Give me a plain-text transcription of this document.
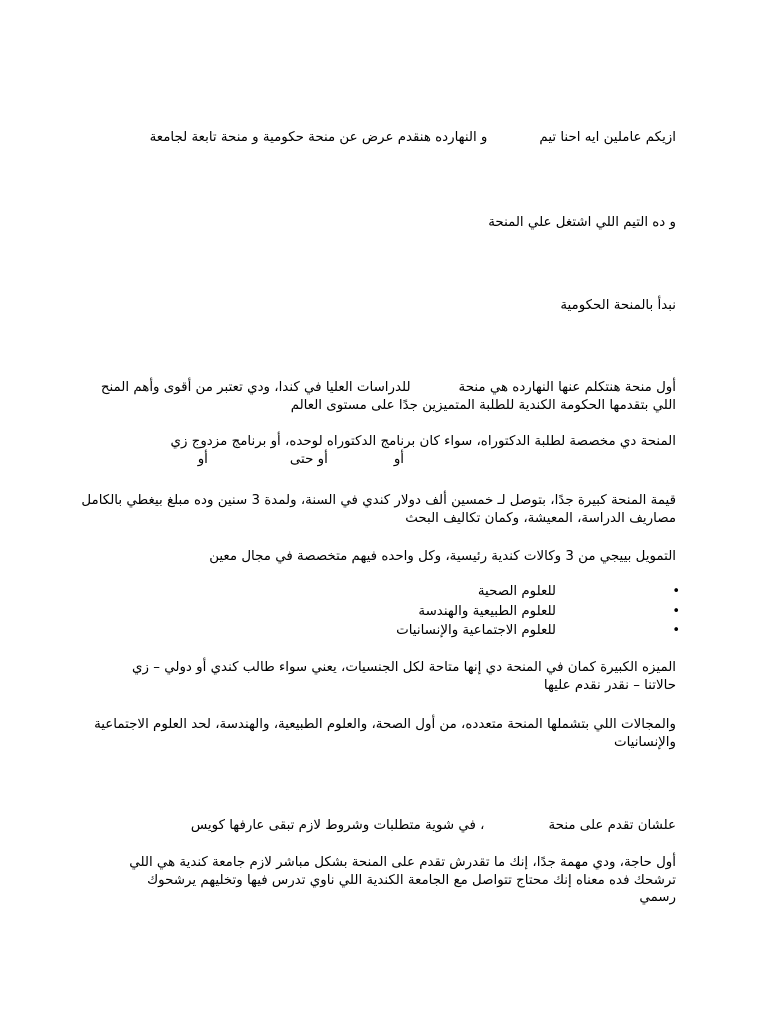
ازيكم عاملين ايه احنا تيمو النهارده هنقدم عرض عن منحة حكومية و منحة تابعة لجامعة
و ده التيم اللي اشتغل علي المنحة
نبدأ بالمنحة الحكومية
أول منحة هنتكلم عنها النهارده هي منحةللدراسات العليا في كندا، ودي تعتبر من أقوى وأهم المنح
اللي بتقدمها الحكومة الكندية للطلبة المتميزين جدًا على مستوى العالم
المنحة دي مخصصة لطلبة الدكتوراه، سواء كان برنامج الدكتوراه لوحده، أو برنامج مزدوج زي
أوأو حتىأو
قيمة المنحة كبيرة جدًا، بتوصل لـ خمسين ألف دولار كندي في السنة، ولمدة 3 سنين وده مبلغ بيغطي بالكامل
مصاريف الدراسة، المعيشة، وكمان تكاليف البحث
التمويل بييجي من 3 وكالات كندية رئيسية، وكل واحده فيهم متخصصة في مجال معين
•
للعلوم الصحية
•
للعلوم الطبيعية والهندسة
•
للعلوم الاجتماعية والإنسانيات
الميزه الكبيرة كمان في المنحة دي إنها متاحة لكل الجنسيات، يعني سواء طالب كندي أو دولي – زي
حالاتنا – نقدر نقدم عليها
والمجالات اللي بتشملها المنحة متعدده، من أول الصحة، والعلوم الطبيعية، والهندسة، لحد العلوم الاجتماعية
والإنسانيات
علشان تقدم على منحة، في شوية متطلبات وشروط لازم تبقى عارفها كويس
أول حاجة، ودي مهمة جدًا، إنك ما تقدرش تقدم على المنحة بشكل مباشر لازم جامعة كندية هي اللي
ترشحك فده معناه إنك محتاج تتواصل مع الجامعة الكندية اللي ناوي تدرس فيها وتخليهم يرشحوك
رسمي
